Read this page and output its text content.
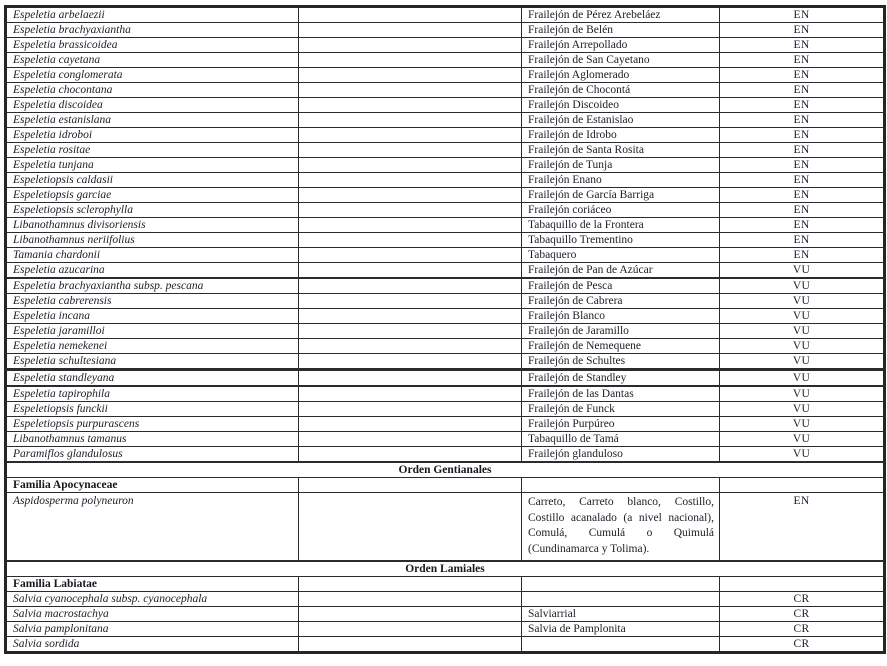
Espeletia arbelaezii		Frailejón de Pérez Arebeláez	EN
Espeletia brachyaxiantha		Frailejón de Belén	EN
Espeletia brassicoidea		Frailejón Arrepollado	EN
Espeletia cayetana		Frailejón de San Cayetano	EN
Espeletia conglomerata		Frailejón Aglomerado	EN
Espeletia chocontana		Frailejón de Chocontá	EN
Espeletia discoidea		Frailejón Discoideo	EN
Espeletia estanislana		Frailejón de Estanislao	EN
Espeletia idroboi		Frailejón de Idrobo	EN
Espeletia rositae		Frailejón de Santa Rosita	EN
Espeletia tunjana		Frailejón de Tunja	EN
Espeletiopsis caldasii		Frailejón Enano	EN
Espeletiopsis garciae		Frailejón de García Barriga	EN
Espeletiopsis sclerophylla		Frailejón coriáceo	EN
Libanothamnus divisoriensis		Tabaquillo de la Frontera	EN
Libanothamnus neriifolius		Tabaquillo Trementino	EN
Tamania chardonii		Tabaquero	EN
Espeletia azucarina		Frailejón de Pan de Azúcar	VU
Espeletia brachyaxiantha subsp. pescana		Frailejón de Pesca	VU
Espeletia cabrerensis		Frailejón de Cabrera	VU
Espeletia incana		Frailejón Blanco	VU
Espeletia jaramilloi		Frailejón de Jaramillo	VU
Espeletia nemekenei		Frailejón de Nemequene	VU
Espeletia schultesiana		Frailejón de Schultes	VU
Espeletia standleyana		Frailejón de Standley	VU
Espeletia tapirophila		Frailejón de las Dantas	VU
Espeletiopsis funckii		Frailejón de Funck	VU
Espeletiopsis purpurascens		Frailejón Purpúreo	VU
Libanothamnus tamanus		Tabaquillo de Tamá	VU
Paramiflos glandulosus		Frailejón glanduloso	VU
Orden Gentianales			
Familia Apocynaceae			
Aspidosperma polyneuron		Carreto, Carreto blanco, Costillo, Costillo acanalado (a nivel nacional), Comulá, Cumulá o Quimulá (Cundinamarca y Tolima).	EN
Orden Lamiales			
Familia Labiatae			
Salvia cyanocephala subsp. cyanocephala			CR
Salvia macrostachya		Salviarrial	CR
Salvia pamplonitana		Salvia de Pamplonita	CR
Salvia sordida			CR
